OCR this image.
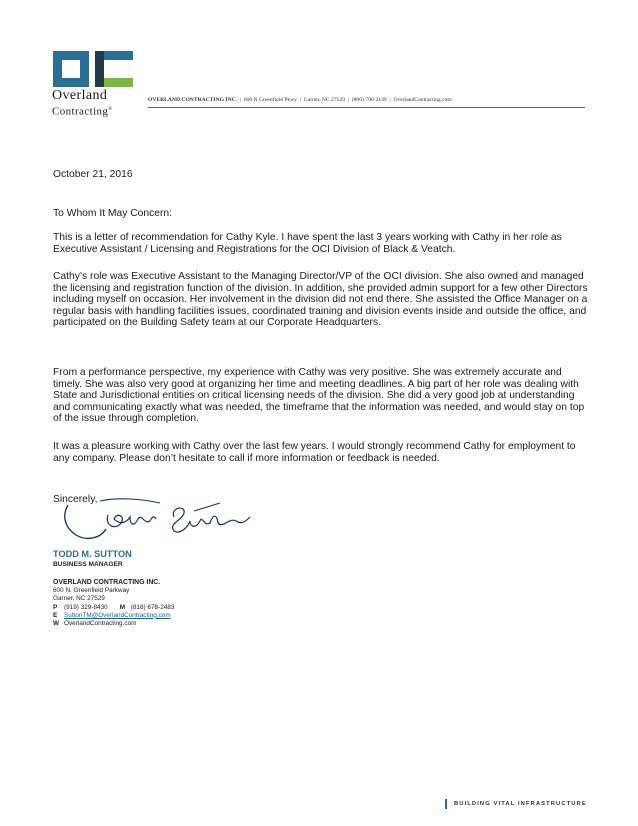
Overland
Contracting®
OVERLAND CONTRACTING INC. | 600 N Greenfield Pkwy | Garner, NC 27529 | (800) 790-2149 | OverlandContracting.com
October 21, 2016
To Whom It May Concern:
This is a letter of recommendation for Cathy Kyle. I have spent the last 3 years working with Cathy in her role as Executive Assistant / Licensing and Registrations for the OCI Division of Black & Veatch.
Cathy’s role was Executive Assistant to the Managing Director/VP of the OCI division. She also owned and managed the licensing and registration function of the division. In addition, she provided admin support for a few other Directors including myself on occasion. Her involvement in the division did not end there. She assisted the Office Manager on a regular basis with handling facilities issues, coordinated training and division events inside and outside the office, and participated on the Building Safety team at our Corporate Headquarters.
From a performance perspective, my experience with Cathy was very positive. She was extremely accurate and timely. She was also very good at organizing her time and meeting deadlines. A big part of her role was dealing with State and Jurisdictional entities on critical licensing needs of the division. She did a very good job at understanding and communicating exactly what was needed, the timeframe that the information was needed, and would stay on top of the issue through completion.
It was a pleasure working with Cathy over the last few years. I would strongly recommend Cathy for employment to any company. Please don’t hesitate to call if more information or feedback is needed.
Sincerely,
TODD M. SUTTON
BUSINESS MANAGER
OVERLAND CONTRACTING INC.
600 N. Greenfield Parkway
Garner, NC 27529
P (919) 329-8430 M (816) 678-2483
E SuttonTM@OverlandContracting.com
W OverlandContracting.com
BUILDING VITAL INFRASTRUCTURE
